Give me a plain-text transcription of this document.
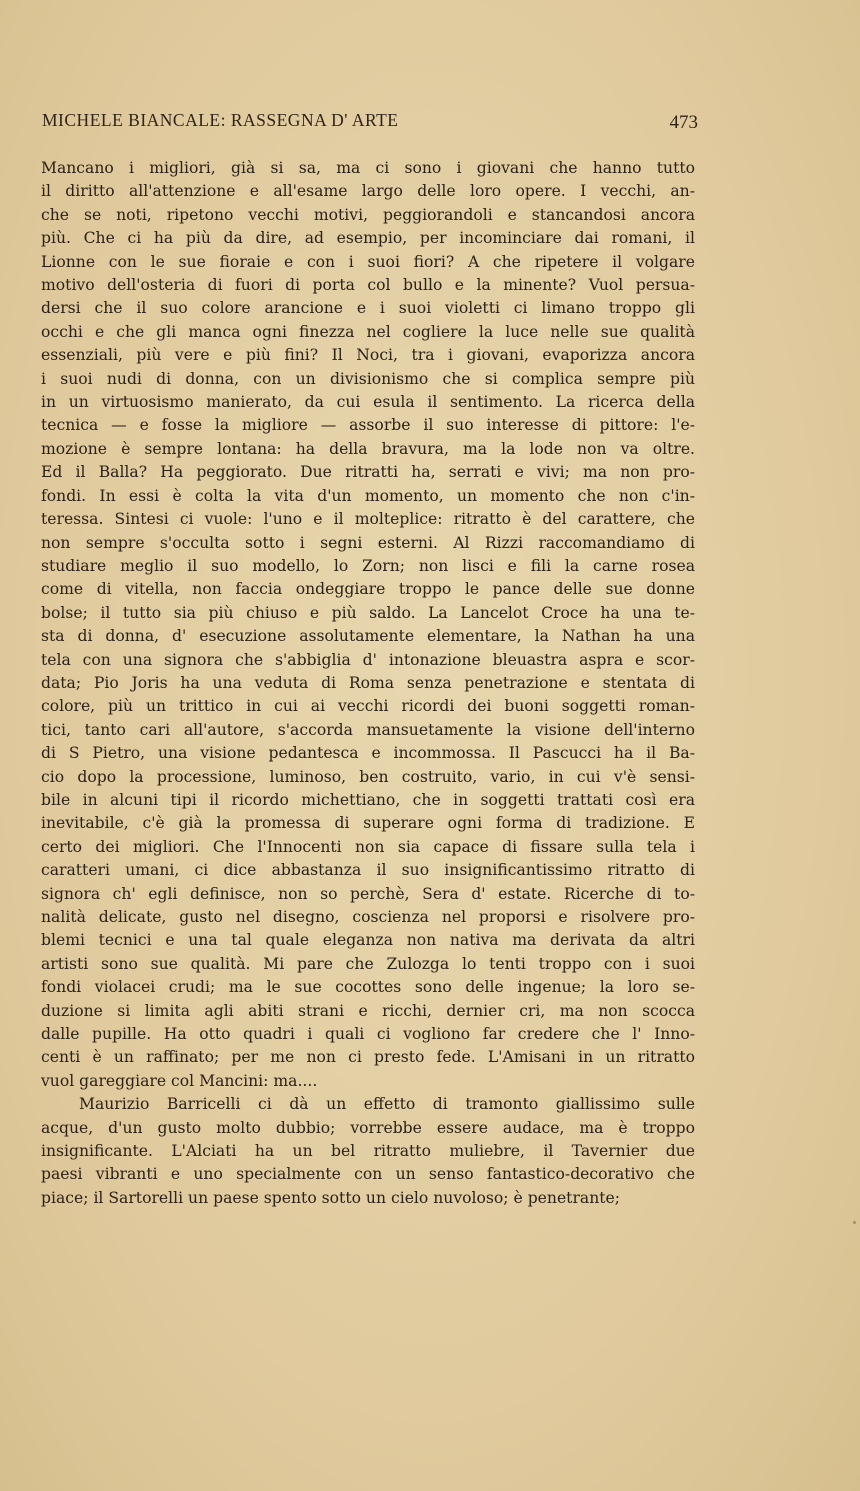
MICHELE BIANCALE: RASSEGNA D' ARTE	473

Mancano i migliori, già si sa, ma ci sono i giovani che hanno tutto
il diritto all'attenzione e all'esame largo delle loro opere. I vecchi, an-
che se noti, ripetono vecchi motivi, peggiorandoli e stancandosi ancora
più. Che ci ha più da dire, ad esempio, per incominciare dai romani, il
Lionne con le sue fioraie e con i suoi fiori? A che ripetere il volgare
motivo dell'osteria di fuori di porta col bullo e la minente? Vuol persua-
dersi che il suo colore arancione e i suoi violetti ci limano troppo gli
occhi e che gli manca ogni finezza nel cogliere la luce nelle sue qualità
essenziali, più vere e più fini? Il Noci, tra i giovani, evaporizza ancora
i suoi nudi di donna, con un divisionismo che si complica sempre più
in un virtuosismo manierato, da cui esula il sentimento. La ricerca della
tecnica — e fosse la migliore — assorbe il suo interesse di pittore: l'e-
mozione è sempre lontana: ha della bravura, ma la lode non va oltre.
Ed il Balla? Ha peggiorato. Due ritratti ha, serrati e vivi; ma non pro-
fondi. In essi è colta la vita d'un momento, un momento che non c'in-
teressa. Sintesi ci vuole: l'uno e il molteplice: ritratto è del carattere, che
non sempre s'occulta sotto i segni esterni. Al Rizzi raccomandiamo di
studiare meglio il suo modello, lo Zorn; non lisci e fili la carne rosea
come di vitella, non faccia ondeggiare troppo le pance delle sue donne
bolse; il tutto sia più chiuso e più saldo. La Lancelot Croce ha una te-
sta di donna, d' esecuzione assolutamente elementare, la Nathan ha una
tela con una signora che s'abbiglia d' intonazione bleuastra aspra e scor-
data; Pio Joris ha una veduta di Roma senza penetrazione e stentata di
colore, più un trittico in cui ai vecchi ricordi dei buoni soggetti roman-
tici, tanto cari all'autore, s'accorda mansuetamente la visione dell'interno
di S Pietro, una visione pedantesca e incommossa. Il Pascucci ha il Ba-
cio dopo la processione, luminoso, ben costruito, vario, in cui v'è sensi-
bile in alcuni tipi il ricordo michettiano, che in soggetti trattati così era
inevitabile, c'è già la promessa di superare ogni forma di tradizione. E
certo dei migliori. Che l'Innocenti non sia capace di fissare sulla tela i
caratteri umani, ci dice abbastanza il suo insignificantissimo ritratto di
signora ch' egli definisce, non so perchè, Sera d' estate. Ricerche di to-
nalità delicate, gusto nel disegno, coscienza nel proporsi e risolvere pro-
blemi tecnici e una tal quale eleganza non nativa ma derivata da altri
artisti sono sue qualità. Mi pare che Zulozga lo tenti troppo con i suoi
fondi violacei crudi; ma le sue cocottes sono delle ingenue; la loro se-
duzione si limita agli abiti strani e ricchi, dernier cri, ma non scocca
dalle pupille. Ha otto quadri i quali ci vogliono far credere che l' Inno-
centi è un raffinato; per me non ci presto fede. L'Amisani in un ritratto
vuol gareggiare col Mancini: ma....

Maurizio Barricelli ci dà un effetto di tramonto giallissimo sulle
acque, d'un gusto molto dubbio; vorrebbe essere audace, ma è troppo
insignificante. L'Alciati ha un bel ritratto muliebre, il Tavernier due
paesi vibranti e uno specialmente con un senso fantastico-decorativo che
piace; il Sartorelli un paese spento sotto un cielo nuvoloso; è penetrante;
